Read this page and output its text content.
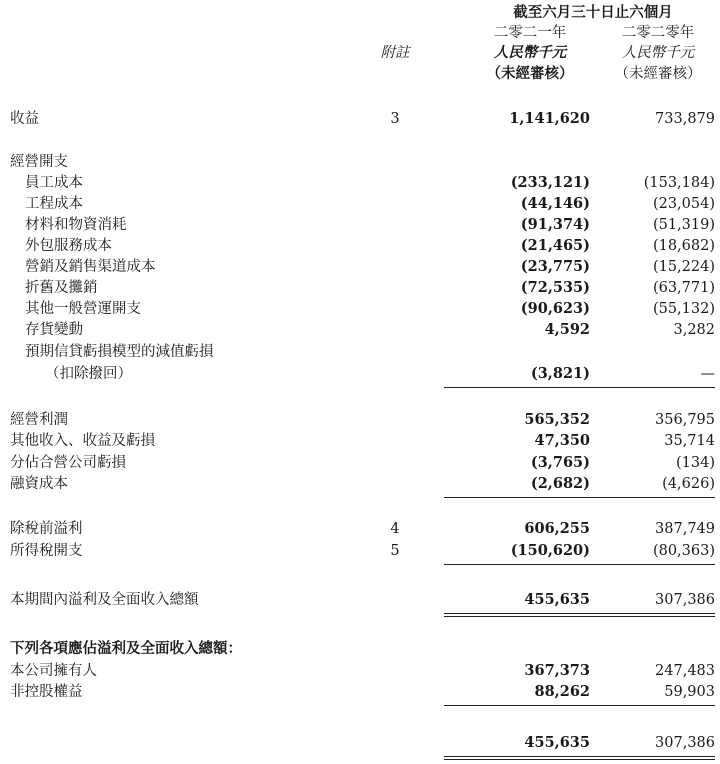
截至六月三十日止六個月
二零二一年	二零二零年
附註	人民幣千元	人民幣千元
（未經審核）	（未經審核）
收益	3	1,141,620	733,879
經營開支
員工成本	(233,121)	(153,184)
工程成本	(44,146)	(23,054)
材料和物資消耗	(91,374)	(51,319)
外包服務成本	(21,465)	(18,682)
營銷及銷售渠道成本	(23,775)	(15,224)
折舊及攤銷	(72,535)	(63,771)
其他一般營運開支	(90,623)	(55,132)
存貨變動	4,592	3,282
預期信貸虧損模型的減值虧損
（扣除撥回）	(3,821)	—
經營利潤	565,352	356,795
其他收入、收益及虧損	47,350	35,714
分佔合營公司虧損	(3,765)	(134)
融資成本	(2,682)	(4,626)
除稅前溢利	4	606,255	387,749
所得稅開支	5	(150,620)	(80,363)
本期間內溢利及全面收入總額	455,635	307,386
下列各項應佔溢利及全面收入總額：
本公司擁有人	367,373	247,483
非控股權益	88,262	59,903
455,635	307,386
